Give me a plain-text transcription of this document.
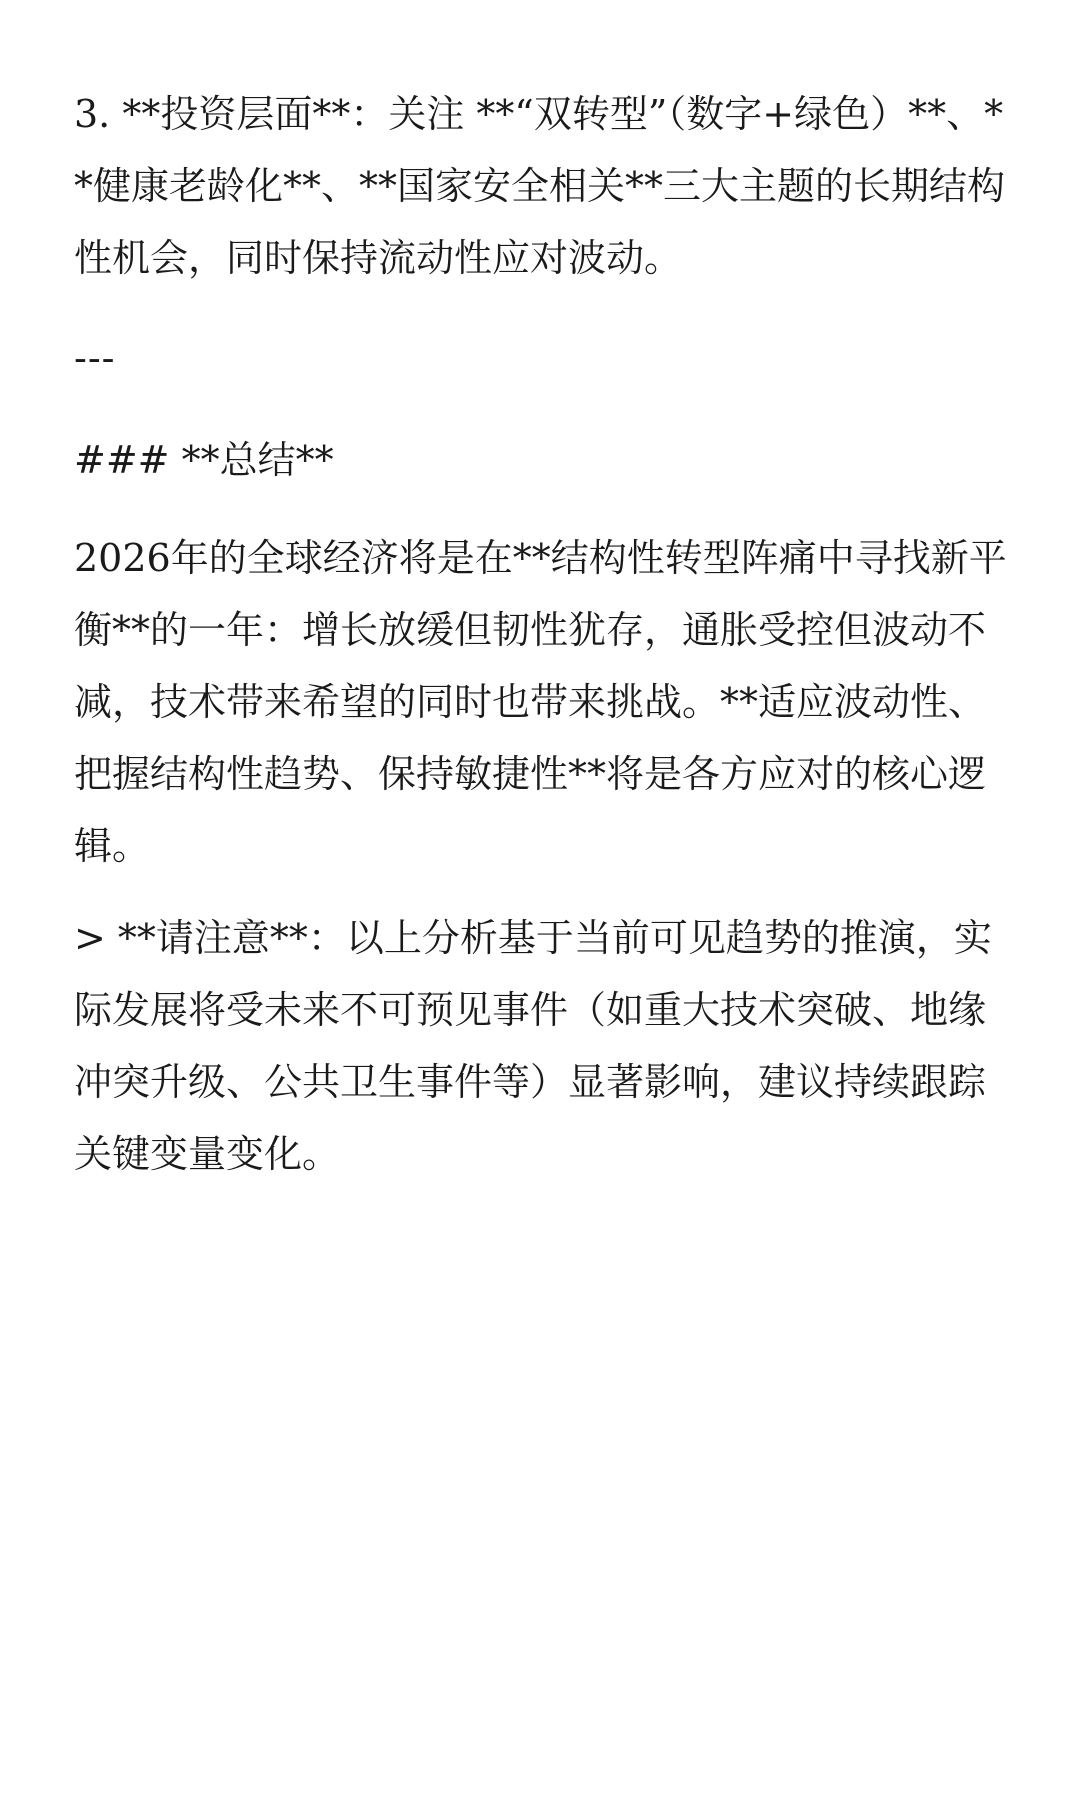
3. **投资层面**：关注 **“双转型”（数字+绿色）**、**健康老龄化**、**国家安全相关**三大主题的长期结构性机会，同时保持流动性应对波动。

---

### **总结**

2026年的全球经济将是在**结构性转型阵痛中寻找新平衡**的一年：增长放缓但韧性犹存，通胀受控但波动不减，技术带来希望的同时也带来挑战。**适应波动性、把握结构性趋势、保持敏捷性**将是各方应对的核心逻辑。

> **请注意**：以上分析基于当前可见趋势的推演，实际发展将受未来不可预见事件（如重大技术突破、地缘冲突升级、公共卫生事件等）显著影响，建议持续跟踪关键变量变化。
